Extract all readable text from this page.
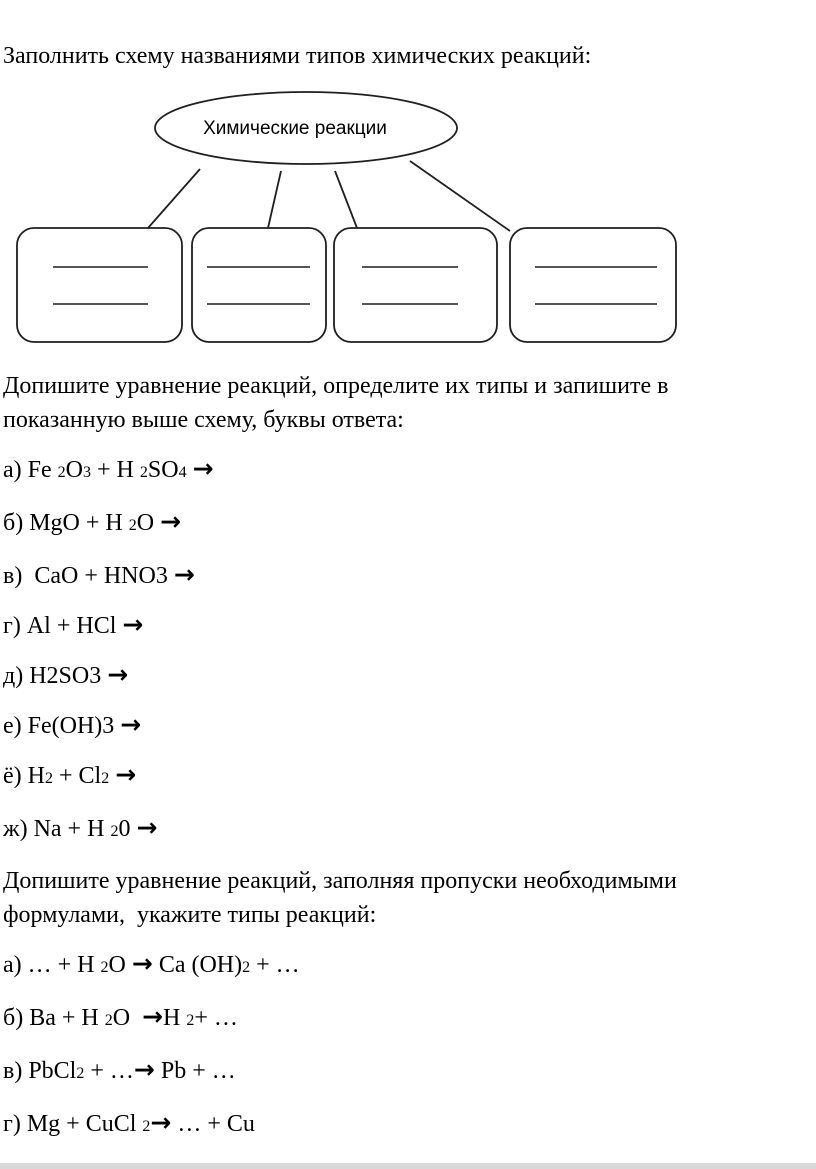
Заполнить схему названиями типов химических реакций:

Химические реакции

Допишите уравнение реакций, определите их типы и запишите в показанную выше схему, буквы ответа:

а) Fe 2O3 + H 2SO4 →

б) MgO + H 2O →

в)  CaO + HNO3 →

г) Al + HCl →

д) H2SO3 →

е) Fe(OH)3 →

ё) H2 + Cl2 →

ж) Na + H 20 →

Допишите уравнение реакций, заполняя пропуски необходимыми формулами,  укажите типы реакций:

а) … + H 2O → Ca (OH)2 + …

б) Ba + H 2O  →H 2+ …

в) PbCl2 + …→ Pb + …

г) Mg + CuCl 2→ … + Cu
